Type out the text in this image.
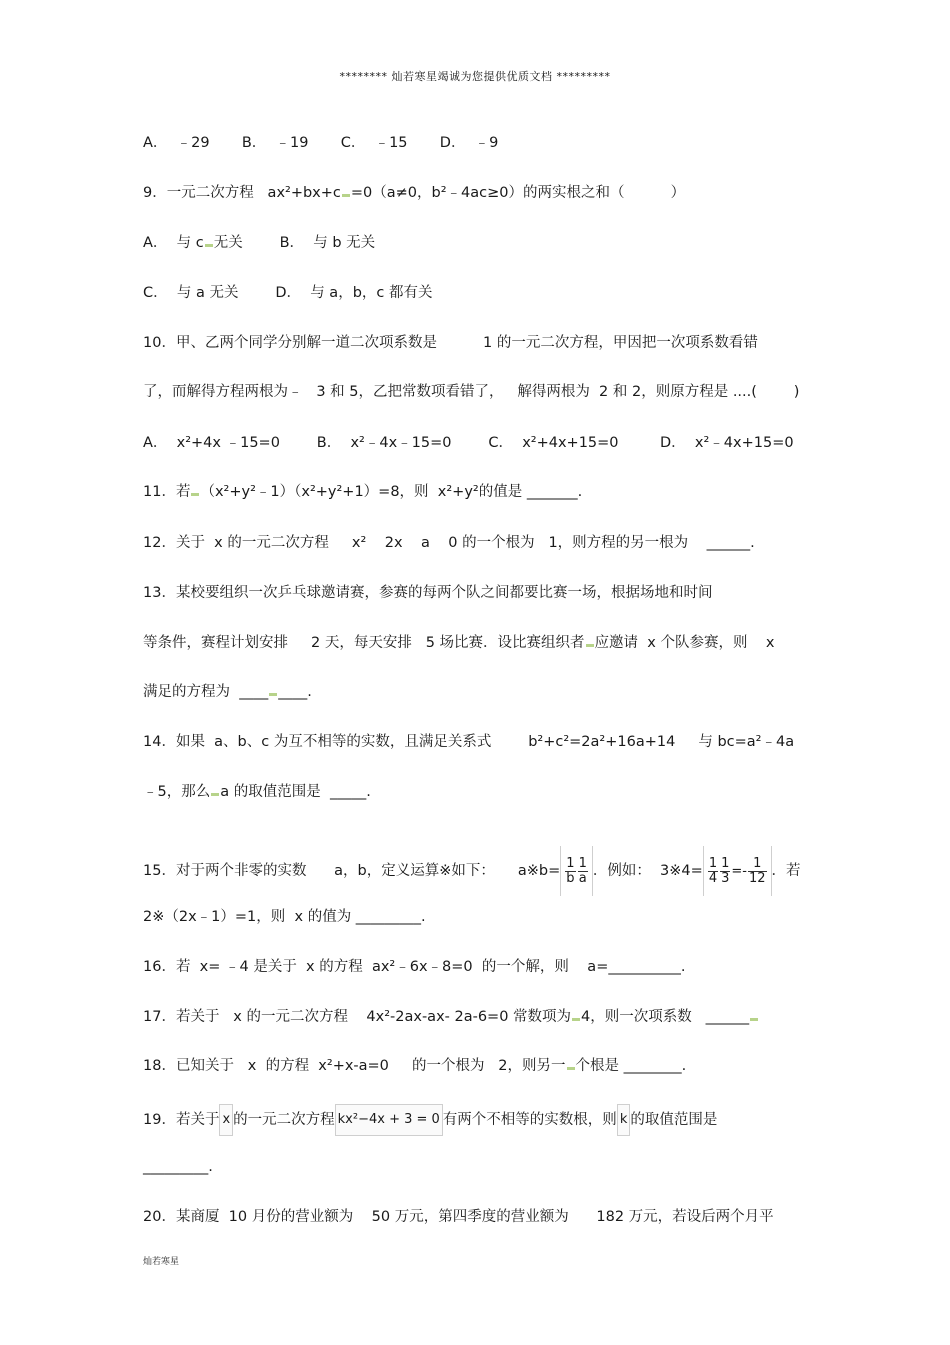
******** 灿若寒星竭诚为您提供优质文档 *********
A．  ﹣29       B．  ﹣19       C．  ﹣15       D．  ﹣9
9．一元二次方程   ax²+bx+c =0（a≠0，b²﹣4ac≥0）的两实根之和（          ）
A．  与 c 无关        B．  与 b 无关
C．  与 a 无关        D．  与 a，b，c 都有关
10．甲、乙两个同学分别解一道二次项系数是          1 的一元二次方程，甲因把一次项系数看错
了，而解得方程两根为﹣   3 和 5，乙把常数项看错了，   解得两根为  2 和 2，则原方程是 ....(        )
A．  x²+4x ﹣15=0        B．  x²﹣4x﹣15=0        C．  x²+4x+15=0         D．  x²﹣4x+15=0
11．若 （x²+y²﹣1）（x²+y²+1）=8，则  x²+y²的值是 _______.
12．关于  x 的一元二次方程     x²    2x    a    0 的一个根为   1，则方程的另一根为    ______.
13．某校要组织一次乒乓球邀请赛，参赛的每两个队之间都要比赛一场，根据场地和时间
等条件，赛程计划安排     2 天，每天安排   5 场比赛．设比赛组织者 应邀请  x 个队参赛，则    x
满足的方程为  ____ ____.
14．如果  a、b、c 为互不相等的实数，且满足关系式        b²+c²=2a²+16a+14     与 bc=a²﹣4a
﹣5，那么 a 的取值范围是  _____.
15．对于两个非零的实数      a，b，定义运算※如下：     a※b= $\frac{1}{b} \frac{1}{a}$ ．例如：  3※4= $\frac{1}{4} \frac{1}{3} =- \frac{1}{12}$ ．若
2※（2x﹣1）=1，则  x 的值为 _________.
16．若  x= ﹣4 是关于  x 的方程  ax²﹣6x﹣8=0  的一个解，则    a=__________.
17．若关于   x 的一元二次方程    4x²-2ax-ax- 2a-6=0 常数项为 4，则一次项系数   ______
18．已知关于   x  的方程  x²+x-a=0     的一个根为   2，则另一 个根是 ________.
19．若关于 x 的一元二次方程 kx²−4x + 3 = 0 有两个不相等的实数根，则 k 的取值范围是
_________.
20．某商厦  10 月份的营业额为    50 万元，第四季度的营业额为      182 万元，若设后两个月平
灿若寒星
